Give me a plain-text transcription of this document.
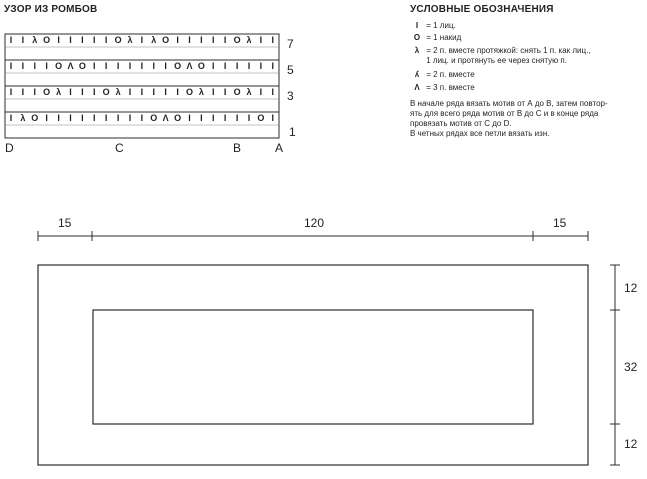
УЗОР ИЗ РОМБОВ
I	I λ O I	I	I	I	I O λ I λ O I	I	I	I	I O λ I	I
I	I	I	I O Λ O I	I	I	I	I	I	I O Λ O I	I	I	I	I	I
I	I	I O λ I	I	I O λ I	I	I	I	I O λ I	I O λ I	I
I λ O I	I	I	I	I	I	I	I	I O Λ O I	I	I	I	I	I O I
7
5
3
1
D	C	B	A
УСЛОВНЫЕ ОБОЗНАЧЕНИЯ
I = 1 лиц.
O = 1 накид
λ = 2 п. вместе протяжкой: снять 1 п. как лиц.,
1 лиц. и протянуть ее через снятую п.
λ = 2 п. вместе
Λ = 3 п. вместе
В начале ряда вязать мотив от А до В, затем повтор-
ять для всего ряда мотив от В до С и в конце ряда
провязать мотив от С до D.
В четных рядах все петли вязать изн.
15	120	15
12
32
12
